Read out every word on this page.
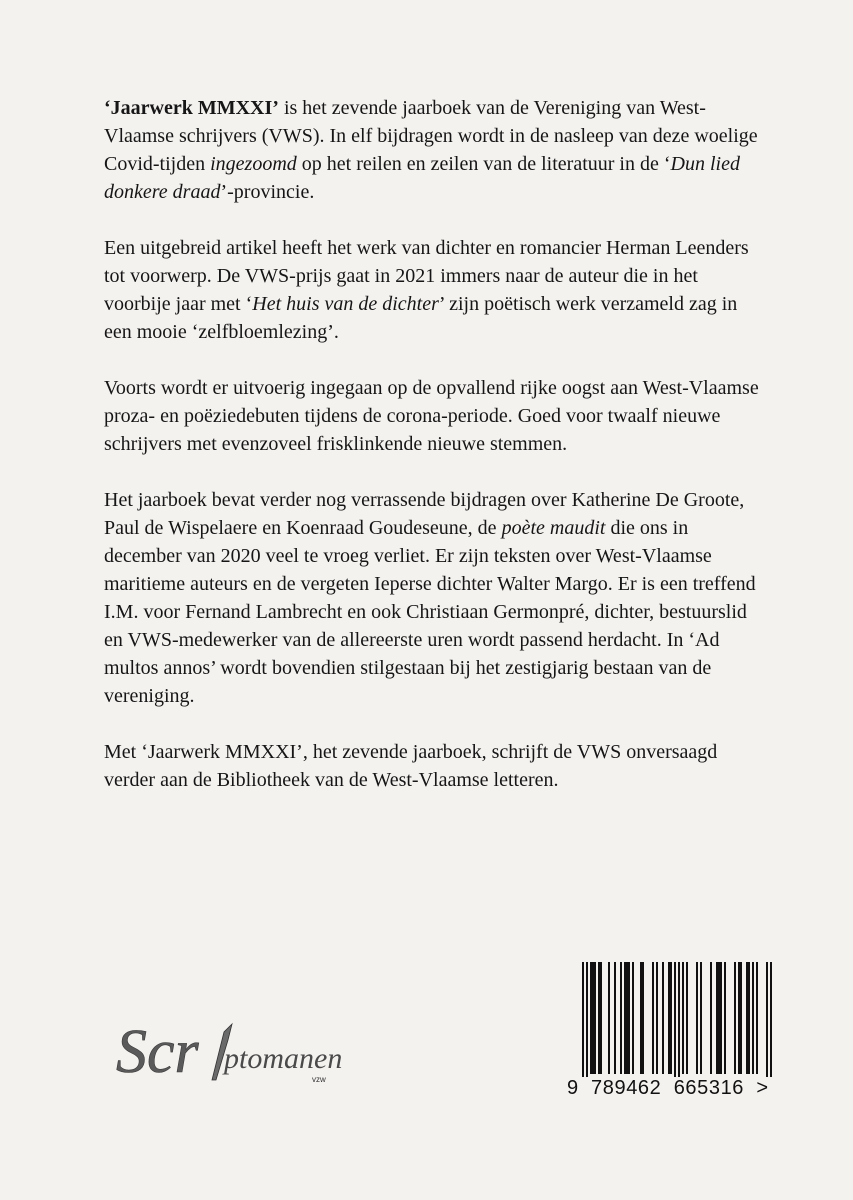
‘Jaarwerk MMXXI’ is het zevende jaarboek van de Vereniging van West-Vlaamse schrijvers (VWS). In elf bijdragen wordt in de nasleep van deze woelige Covid-tijden ingezoomd op het reilen en zeilen van de literatuur in de ‘Dun lied donkere draad’-provincie.

Een uitgebreid artikel heeft het werk van dichter en romancier Herman Leenders tot voorwerp. De VWS-prijs gaat in 2021 immers naar de auteur die in het voorbije jaar met ‘Het huis van de dichter’ zijn poëtisch werk verzameld zag in een mooie ‘zelfbloemlezing’.

Voorts wordt er uitvoerig ingegaan op de opvallend rijke oogst aan West-Vlaamse proza- en poëziedebuten tijdens de corona-periode. Goed voor twaalf nieuwe schrijvers met evenzoveel frisklinkende nieuwe stemmen.

Het jaarboek bevat verder nog verrassende bijdragen over Katherine De Groote, Paul de Wispelaere en Koenraad Goudeseune, de poète maudit die ons in december van 2020 veel te vroeg verliet. Er zijn teksten over West-Vlaamse maritieme auteurs en de vergeten Ieperse dichter Walter Margo. Er is een treffend I.M. voor Fernand Lambrecht en ook Christiaan Germonpré, dichter, bestuurslid en VWS-medewerker van de allereerste uren wordt passend herdacht. In ‘Ad multos annos’ wordt bovendien stilgestaan bij het zestigjarig bestaan van de vereniging.

Met ‘Jaarwerk MMXXI’, het zevende jaarboek, schrijft de VWS onversaagd verder aan de Bibliotheek van de West-Vlaamse letteren.

Scr ptomanen
vzw	9  789462  665316  >
